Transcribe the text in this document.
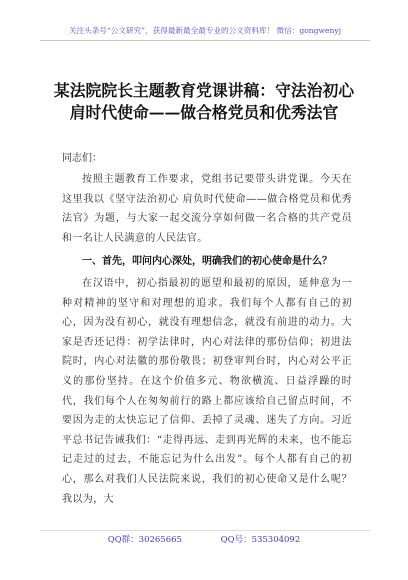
关注头条号“公文研究”，获得最新最全最专业的公文资料库！ 微信：gongwenyj
某法院院长主题教育党课讲稿：守法治初心
肩时代使命——做合格党员和优秀法官
同志们：
按照主题教育工作要求，党组书记要带头讲党课。今天在这里我以《坚守法治初心 肩负时代使命——做合格党员和优秀法官》为题，与大家一起交流分享如何做一名合格的共产党员和一名让人民满意的人民法官。
一、首先，叩问内心深处，明确我们的初心使命是什么？
在汉语中，初心指最初的愿望和最初的原因，延伸意为一种对精神的坚守和对理想的追求。我们每个人都有自己的初心，因为没有初心，就没有理想信念，就没有前进的动力。大家是否还记得：初学法律时，内心对法律的那份信仰；初进法院时，内心对法徽的那份敬畏；初登审判台时，内心对公平正义的那份坚持。在这个价值多元、物欲横流、日益浮躁的时代，我们每个人在匆匆前行的路上都应该给自己留点时间，不要因为走的太快忘记了信仰、丢掉了灵魂、迷失了方向。习近平总书记告诫我们：“走得再远、走到再光辉的未来，也不能忘记走过的过去，不能忘记为什么出发”。每个人都有自己的初心，那么对我们人民法院来说，我们的初心使命又是什么呢？我以为，大
QQ群：30265665	QQ号：535304092
